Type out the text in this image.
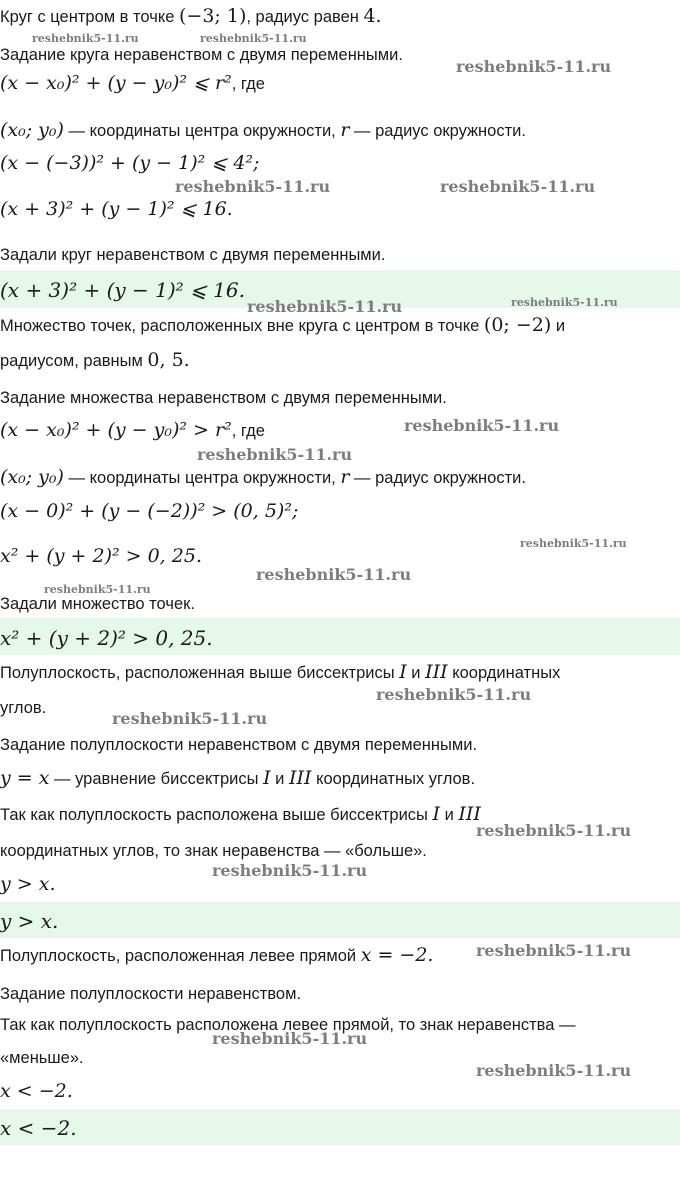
Круг с центром в точке (−3; 1), радиус равен 4.
Задание круга неравенством с двумя переменными.
(x − x₀)² + (y − y₀)² ⩽ r², где
(x₀; y₀) — координаты центра окружности, r — радиус окружности.
(x − (−3))² + (y − 1)² ⩽ 4²;
(x + 3)² + (y − 1)² ⩽ 16.
Задали круг неравенством с двумя переменными.
(x + 3)² + (y − 1)² ⩽ 16.
Множество точек, расположенных вне круга с центром в точке (0; −2) и
радиусом, равным 0, 5.
Задание множества неравенством с двумя переменными.
(x − x₀)² + (y − y₀)² > r², где
(x₀; y₀) — координаты центра окружности, r — радиус окружности.
(x − 0)² + (y − (−2))² > (0, 5)²;
x² + (y + 2)² > 0, 25.
Задали множество точек.
x² + (y + 2)² > 0, 25.
Полуплоскость, расположенная выше биссектрисы I и III координатных
углов.
Задание полуплоскости неравенством с двумя переменными.
y = x — уравнение биссектрисы I и III координатных углов.
Так как полуплоскость расположена выше биссектрисы I и III
координатных углов, то знак неравенства — «больше».
y > x.
y > x.
Полуплоскость, расположенная левее прямой x = −2.
Задание полуплоскости неравенством.
Так как полуплоскость расположена левее прямой, то знак неравенства —
«меньше».
x < −2.
x < −2.
reshebnik5-11.ru	reshebnik5-11.ru
reshebnik5-11.ru
reshebnik5-11.ru	reshebnik5-11.ru
reshebnik5-11.ru	reshebnik5-11.ru
reshebnik5-11.ru
reshebnik5-11.ru
reshebnik5-11.ru
reshebnik5-11.ru
reshebnik5-11.ru
reshebnik5-11.ru
reshebnik5-11.ru
reshebnik5-11.ru
reshebnik5-11.ru
reshebnik5-11.ru
reshebnik5-11.ru
reshebnik5-11.ru
